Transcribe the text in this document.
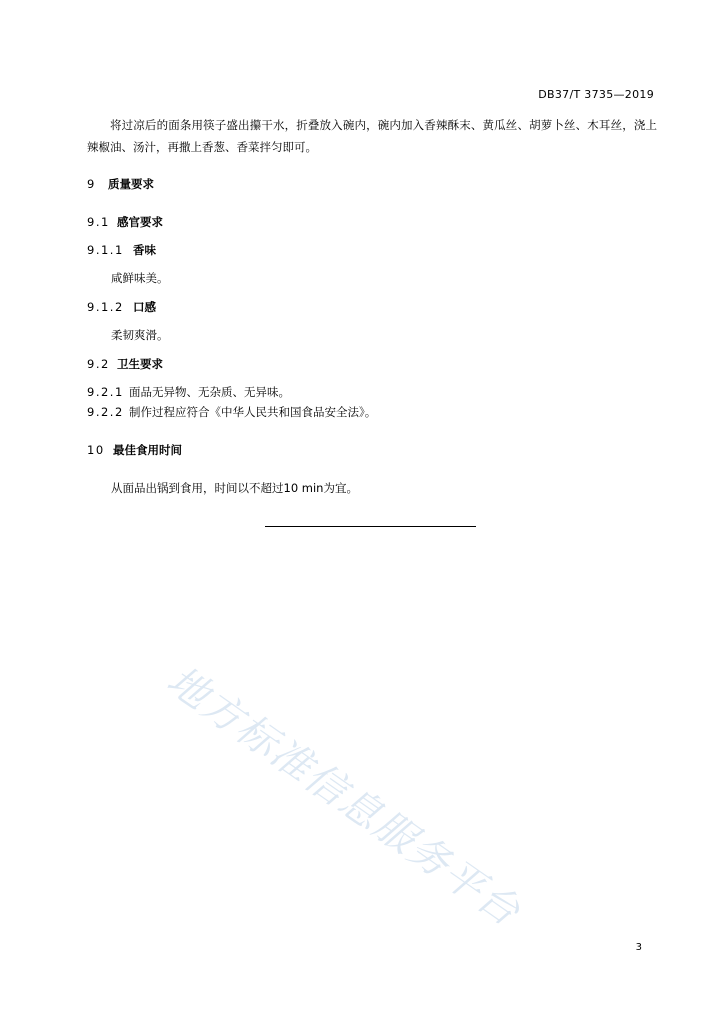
DB37/T 3735—2019
将过凉后的面条用筷子盛出攥干水，折叠放入碗内，碗内加入香辣酥末、黄瓜丝、胡萝卜丝、木耳丝，浇上辣椒油、汤汁，再撒上香葱、香菜拌匀即可。
9 质量要求
9.1 感官要求
9.1.1 香味
咸鲜味美。
9.1.2 口感
柔韧爽滑。
9.2 卫生要求
9.2.1 面品无异物、无杂质、无异味。
9.2.2 制作过程应符合《中华人民共和国食品安全法》。
10 最佳食用时间
从面品出锅到食用，时间以不超过10 min为宜。
地方标准信息服务平台
3
